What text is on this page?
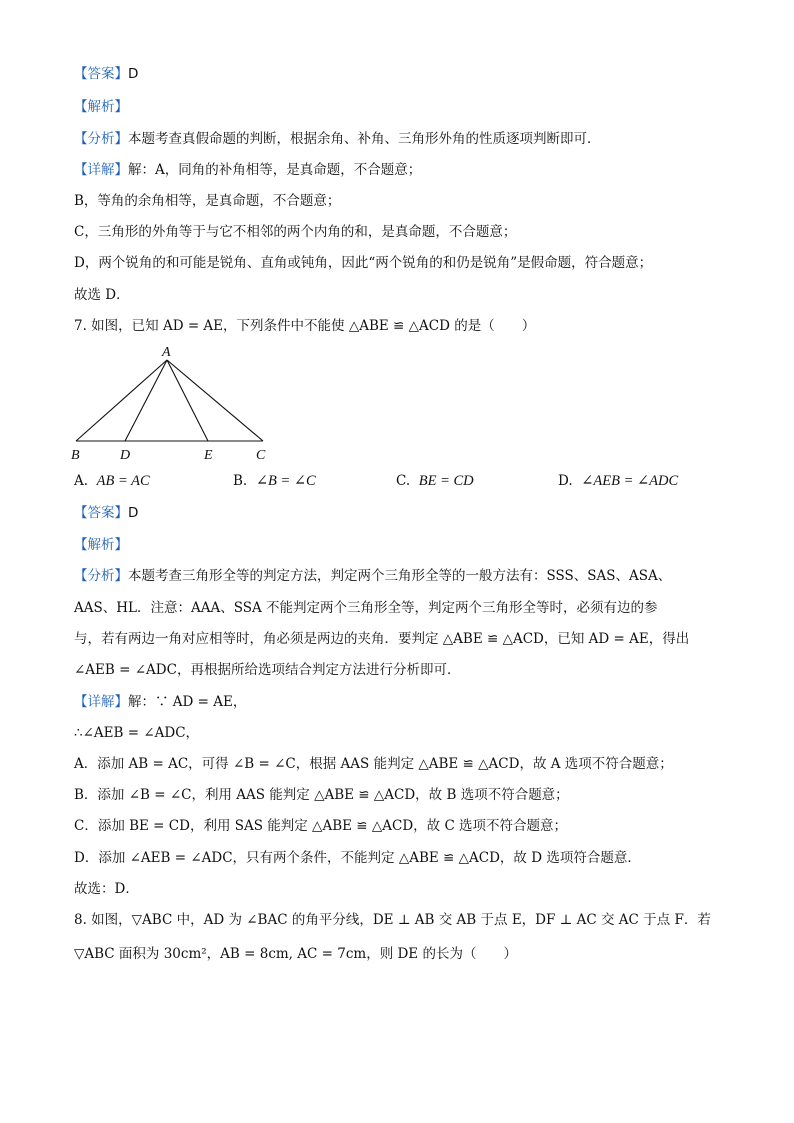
【答案】D
【解析】
【分析】本题考查真假命题的判断，根据余角、补角、三角形外角的性质逐项判断即可．
【详解】解：A，同角的补角相等，是真命题，不合题意；
B，等角的余角相等，是真命题，不合题意；
C，三角形的外角等于与它不相邻的两个内角的和，是真命题，不合题意；
D，两个锐角的和可能是锐角、直角或钝角，因此“两个锐角的和仍是锐角”是假命题，符合题意；
故选 D．
7. 如图，已知 AD = AE，下列条件中不能使 △ABE ≌ △ACD 的是（　　）
A
B	D	E	C
A. AB = AC	B. ∠B = ∠C	C. BE = CD	D. ∠AEB = ∠ADC
【答案】D
【解析】
【分析】本题考查三角形全等的判定方法，判定两个三角形全等的一般方法有：SSS、SAS、ASA、
AAS、HL．注意：AAA、SSA 不能判定两个三角形全等，判定两个三角形全等时，必须有边的参
与，若有两边一角对应相等时，角必须是两边的夹角．要判定 △ABE ≌ △ACD，已知 AD = AE，得出
∠AEB = ∠ADC，再根据所给选项结合判定方法进行分析即可．
【详解】解：∵ AD = AE，
∴∠AEB = ∠ADC，
A．添加 AB = AC，可得 ∠B = ∠C，根据 AAS 能判定 △ABE ≌ △ACD，故 A 选项不符合题意；
B．添加 ∠B = ∠C，利用 AAS 能判定 △ABE ≌ △ACD，故 B 选项不符合题意；
C．添加 BE = CD，利用 SAS 能判定 △ABE ≌ △ACD，故 C 选项不符合题意；
D．添加 ∠AEB = ∠ADC，只有两个条件，不能判定 △ABE ≌ △ACD，故 D 选项符合题意．
故选：D．
8. 如图，▽ABC 中，AD 为 ∠BAC 的角平分线，DE ⊥ AB 交 AB 于点 E，DF ⊥ AC 交 AC 于点 F．若
▽ABC 面积为 30cm²，AB = 8cm, AC = 7cm，则 DE 的长为（　　）
